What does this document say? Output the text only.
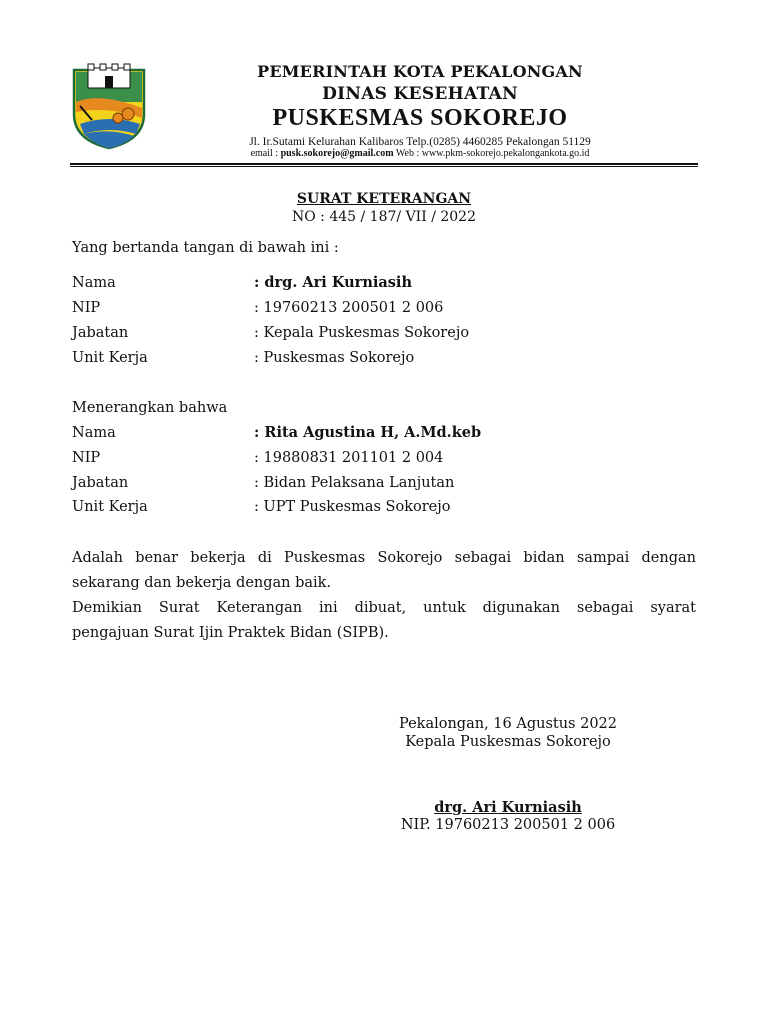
PEMERINTAH KOTA PEKALONGAN

DINAS KESEHATAN

PUSKESMAS SOKOREJO

Jl. Ir.Sutami Kelurahan Kalibaros Telp.(0285) 4460285 Pekalongan 51129

email : pusk.sokorejo@gmail.com Web : www.pkm-sokorejo.pekalongankota.go.id

SURAT KETERANGAN
NO : 445 / 187/ VII / 2022
Yang bertanda tangan di bawah ini :
Nama	: drg. Ari Kurniasih
NIP	: 19760213 200501 2 006
Jabatan	: Kepala Puskesmas Sokorejo
Unit Kerja	: Puskesmas Sokorejo
Menerangkan bahwa
Nama	: Rita Agustina H, A.Md.keb
NIP	: 19880831 201101 2 004
Jabatan	: Bidan Pelaksana Lanjutan
Unit Kerja	: UPT Puskesmas Sokorejo

Adalah benar bekerja di Puskesmas Sokorejo sebagai bidan sampai dengan

sekarang dan bekerja dengan baik.

Demikian Surat Keterangan ini dibuat, untuk digunakan sebagai syarat

pengajuan Surat Ijin Praktek Bidan (SIPB).

Pekalongan, 16 Agustus 2022
Kepala Puskesmas Sokorejo
drg. Ari Kurniasih
NIP. 19760213 200501 2 006
